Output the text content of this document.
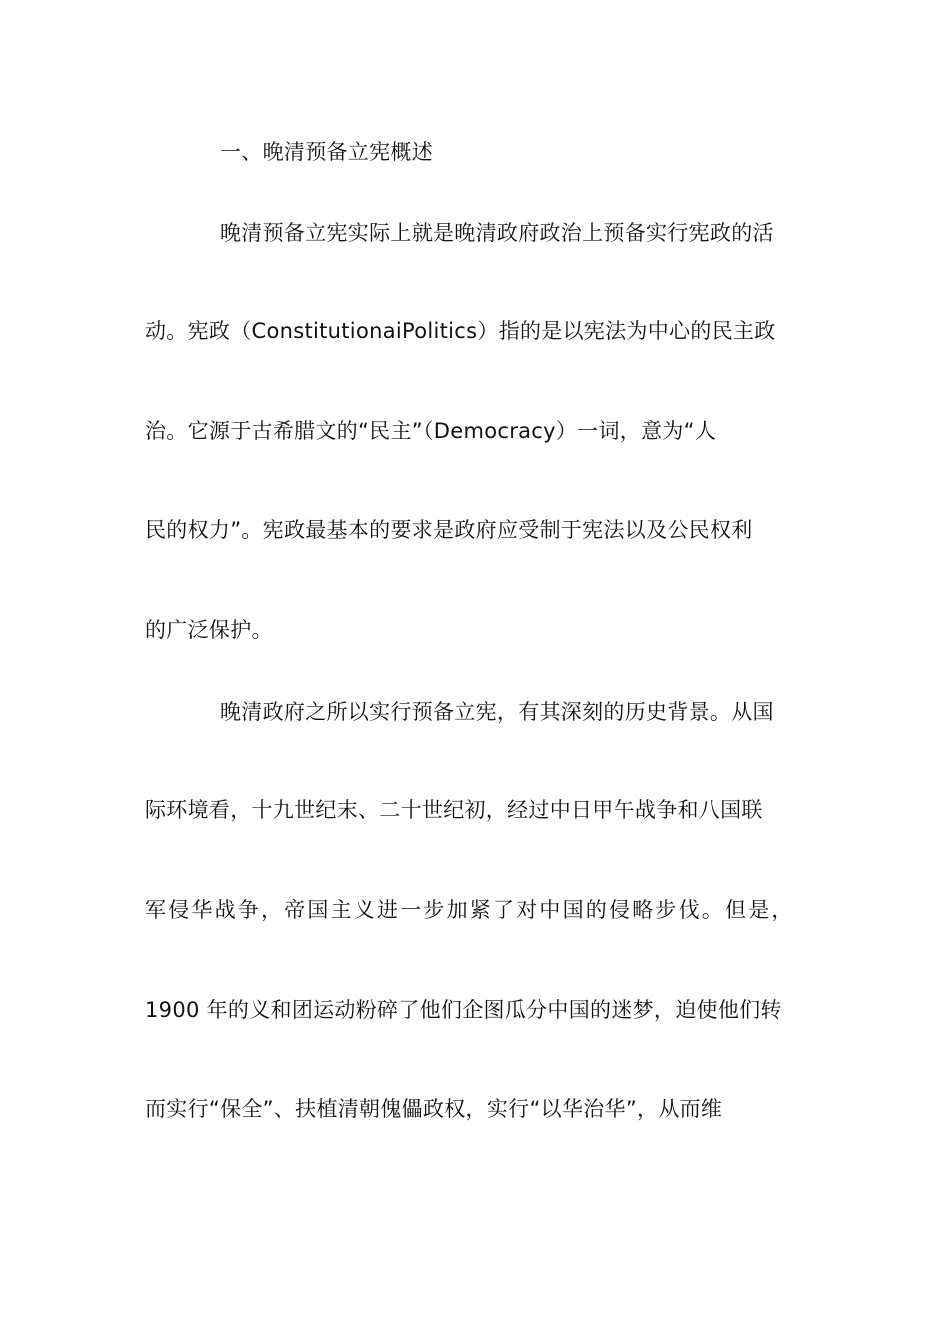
一、晚清预备立宪概述
晚清预备立宪实际上就是晚清政府政治上预备实行宪政的活
动。宪政（ConstitutionaiPolitics）指的是以宪法为中心的民主政
治。它源于古希腊文的“民主”（Democracy）一词，意为“人
民的权力”。宪政最基本的要求是政府应受制于宪法以及公民权利
的广泛保护。
晚清政府之所以实行预备立宪，有其深刻的历史背景。从国
际环境看，十九世纪末、二十世纪初，经过中日甲午战争和八国联
军侵华战争，帝国主义进一步加紧了对中国的侵略步伐。但是，
1900 年的义和团运动粉碎了他们企图瓜分中国的迷梦，迫使他们转
而实行“保全”、扶植清朝傀儡政权，实行“以华治华”，从而维
